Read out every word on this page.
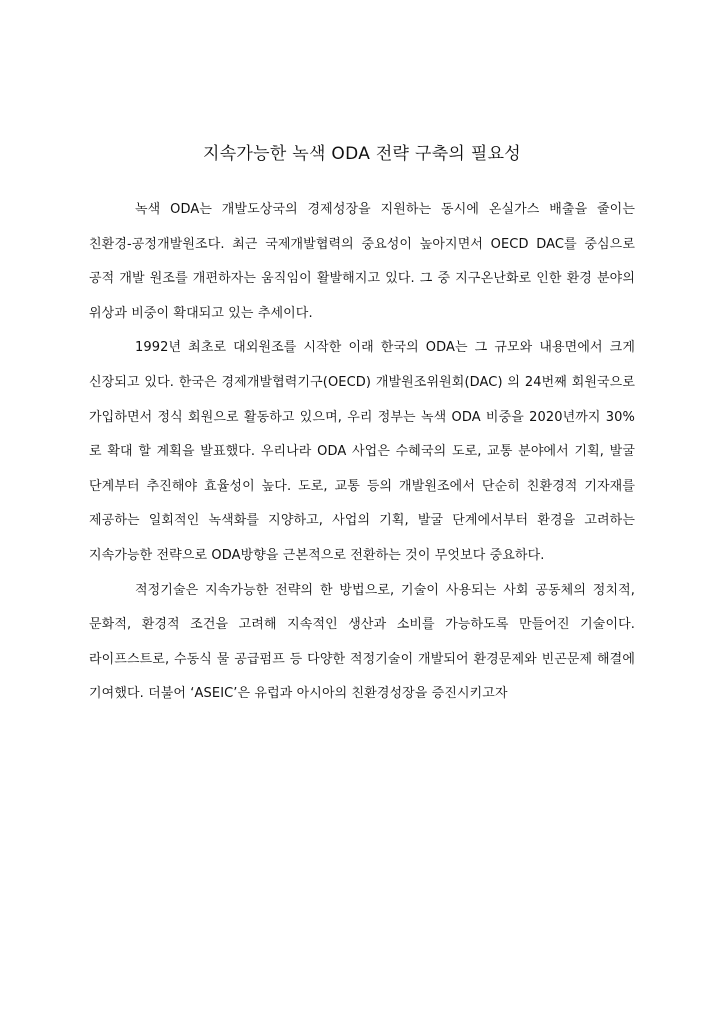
지속가능한 녹색 ODA 전략 구축의 필요성

녹색 ODA는 개발도상국의 경제성장을 지원하는 동시에 온실가스 배출을 줄이는 친환경-공정개발원조다. 최근 국제개발협력의 중요성이 높아지면서 OECD DAC를 중심으로 공적 개발 원조를 개편하자는 움직임이 활발해지고 있다. 그 중 지구온난화로 인한 환경 분야의 위상과 비중이 확대되고 있는 추세이다.

1992년 최초로 대외원조를 시작한 이래 한국의 ODA는 그 규모와 내용면에서 크게 신장되고 있다. 한국은 경제개발협력기구(OECD) 개발원조위원회(DAC) 의 24번째 회원국으로 가입하면서 정식 회원으로 활동하고 있으며, 우리 정부는 녹색 ODA 비중을 2020년까지 30%로 확대 할 계획을 발표했다. 우리나라 ODA 사업은 수혜국의 도로, 교통 분야에서 기획, 발굴 단계부터 추진해야 효율성이 높다. 도로, 교통 등의 개발원조에서 단순히 친환경적 기자재를 제공하는 일회적인 녹색화를 지양하고, 사업의 기획, 발굴 단계에서부터 환경을 고려하는 지속가능한 전략으로 ODA방향을 근본적으로 전환하는 것이 무엇보다 중요하다.

적정기술은 지속가능한 전략의 한 방법으로, 기술이 사용되는 사회 공동체의 정치적, 문화적, 환경적 조건을 고려해 지속적인 생산과 소비를 가능하도록 만들어진 기술이다. 라이프스트로, 수동식 물 공급펌프 등 다양한 적정기술이 개발되어 환경문제와 빈곤문제 해결에 기여했다. 더불어 ‘ASEIC’은 유럽과 아시아의 친환경성장을 증진시키고자
